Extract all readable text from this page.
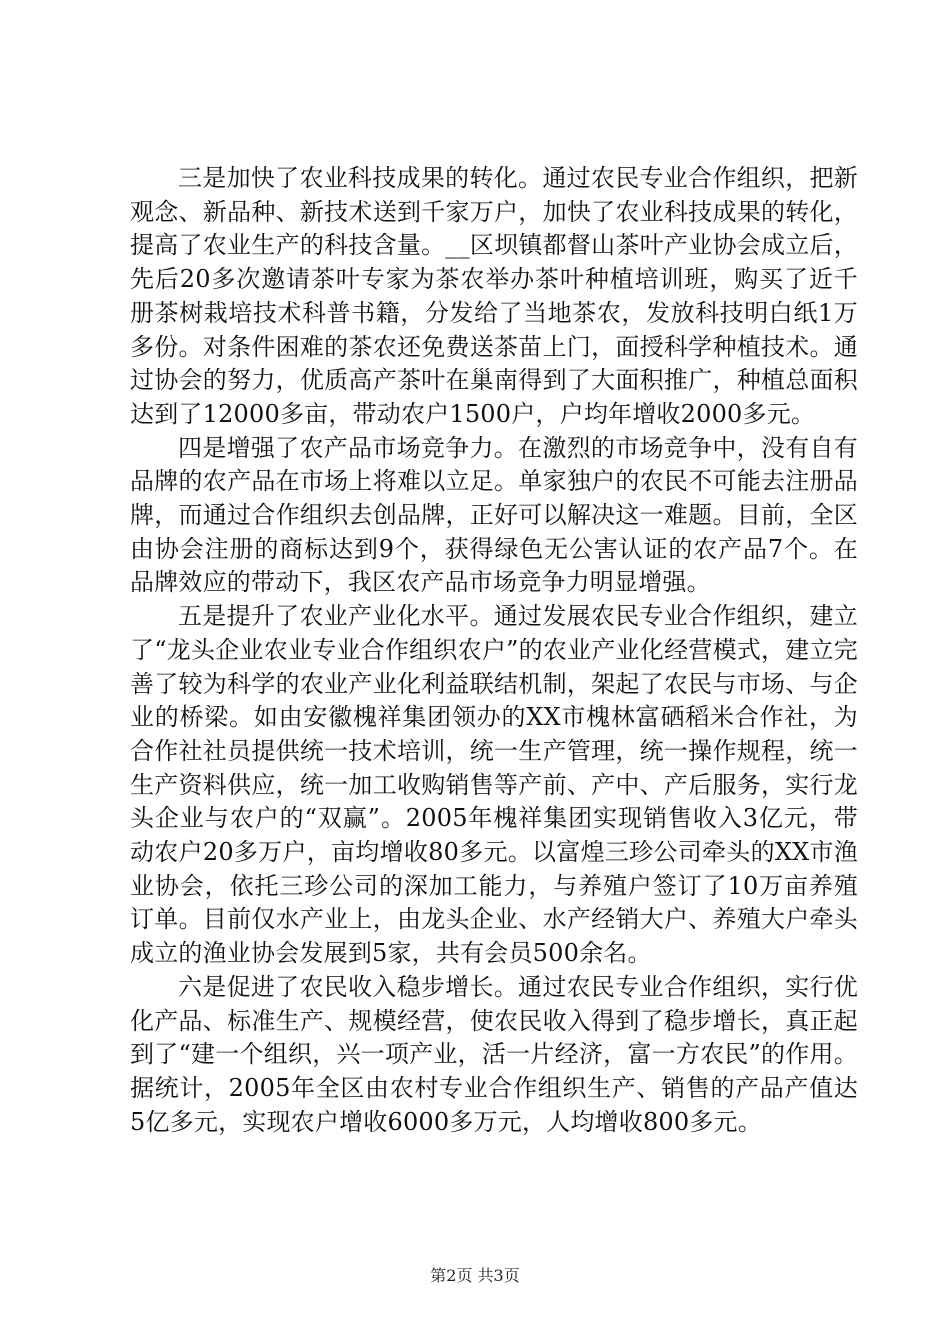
三是加快了农业科技成果的转化。通过农民专业合作组织，把新观念、新品种、新技术送到千家万户，加快了农业科技成果的转化，提高了农业生产的科技含量。__区坝镇都督山茶叶产业协会成立后，先后20多次邀请茶叶专家为茶农举办茶叶种植培训班，购买了近千册茶树栽培技术科普书籍，分发给了当地茶农，发放科技明白纸1万多份。对条件困难的茶农还免费送茶苗上门，面授科学种植技术。通过协会的努力，优质高产茶叶在巢南得到了大面积推广，种植总面积达到了12000多亩，带动农户1500户，户均年增收2000多元。

四是增强了农产品市场竞争力。在激烈的市场竞争中，没有自有品牌的农产品在市场上将难以立足。单家独户的农民不可能去注册品牌，而通过合作组织去创品牌，正好可以解决这一难题。目前，全区由协会注册的商标达到9个，获得绿色无公害认证的农产品7个。在品牌效应的带动下，我区农产品市场竞争力明显增强。

五是提升了农业产业化水平。通过发展农民专业合作组织，建立了“龙头企业农业专业合作组织农户”的农业产业化经营模式，建立完善了较为科学的农业产业化利益联结机制，架起了农民与市场、与企业的桥梁。如由安徽槐祥集团领办的XX市槐林富硒稻米合作社，为合作社社员提供统一技术培训，统一生产管理，统一操作规程，统一生产资料供应，统一加工收购销售等产前、产中、产后服务，实行龙头企业与农户的“双赢”。2005年槐祥集团实现销售收入3亿元，带动农户20多万户，亩均增收80多元。以富煌三珍公司牵头的XX市渔业协会，依托三珍公司的深加工能力，与养殖户签订了10万亩养殖订单。目前仅水产业上，由龙头企业、水产经销大户、养殖大户牵头成立的渔业协会发展到5家，共有会员500余名。

六是促进了农民收入稳步增长。通过农民专业合作组织，实行优化产品、标准生产、规模经营，使农民收入得到了稳步增长，真正起到了“建一个组织，兴一项产业，活一片经济，富一方农民”的作用。据统计，2005年全区由农村专业合作组织生产、销售的产品产值达5亿多元，实现农户增收6000多万元，人均增收800多元。

第2页 共3页
